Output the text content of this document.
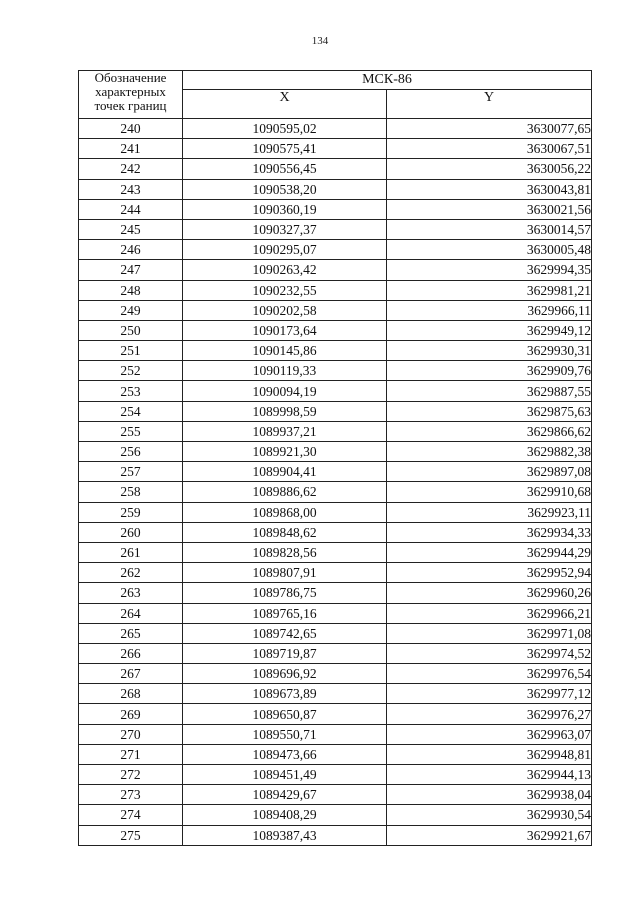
134
Обозначение характерных точек границ	МСК-86	
	X	Y
240	1090595,02	3630077,65
241	1090575,41	3630067,51
242	1090556,45	3630056,22
243	1090538,20	3630043,81
244	1090360,19	3630021,56
245	1090327,37	3630014,57
246	1090295,07	3630005,48
247	1090263,42	3629994,35
248	1090232,55	3629981,21
249	1090202,58	3629966,11
250	1090173,64	3629949,12
251	1090145,86	3629930,31
252	1090119,33	3629909,76
253	1090094,19	3629887,55
254	1089998,59	3629875,63
255	1089937,21	3629866,62
256	1089921,30	3629882,38
257	1089904,41	3629897,08
258	1089886,62	3629910,68
259	1089868,00	3629923,11
260	1089848,62	3629934,33
261	1089828,56	3629944,29
262	1089807,91	3629952,94
263	1089786,75	3629960,26
264	1089765,16	3629966,21
265	1089742,65	3629971,08
266	1089719,87	3629974,52
267	1089696,92	3629976,54
268	1089673,89	3629977,12
269	1089650,87	3629976,27
270	1089550,71	3629963,07
271	1089473,66	3629948,81
272	1089451,49	3629944,13
273	1089429,67	3629938,04
274	1089408,29	3629930,54
275	1089387,43	3629921,67
